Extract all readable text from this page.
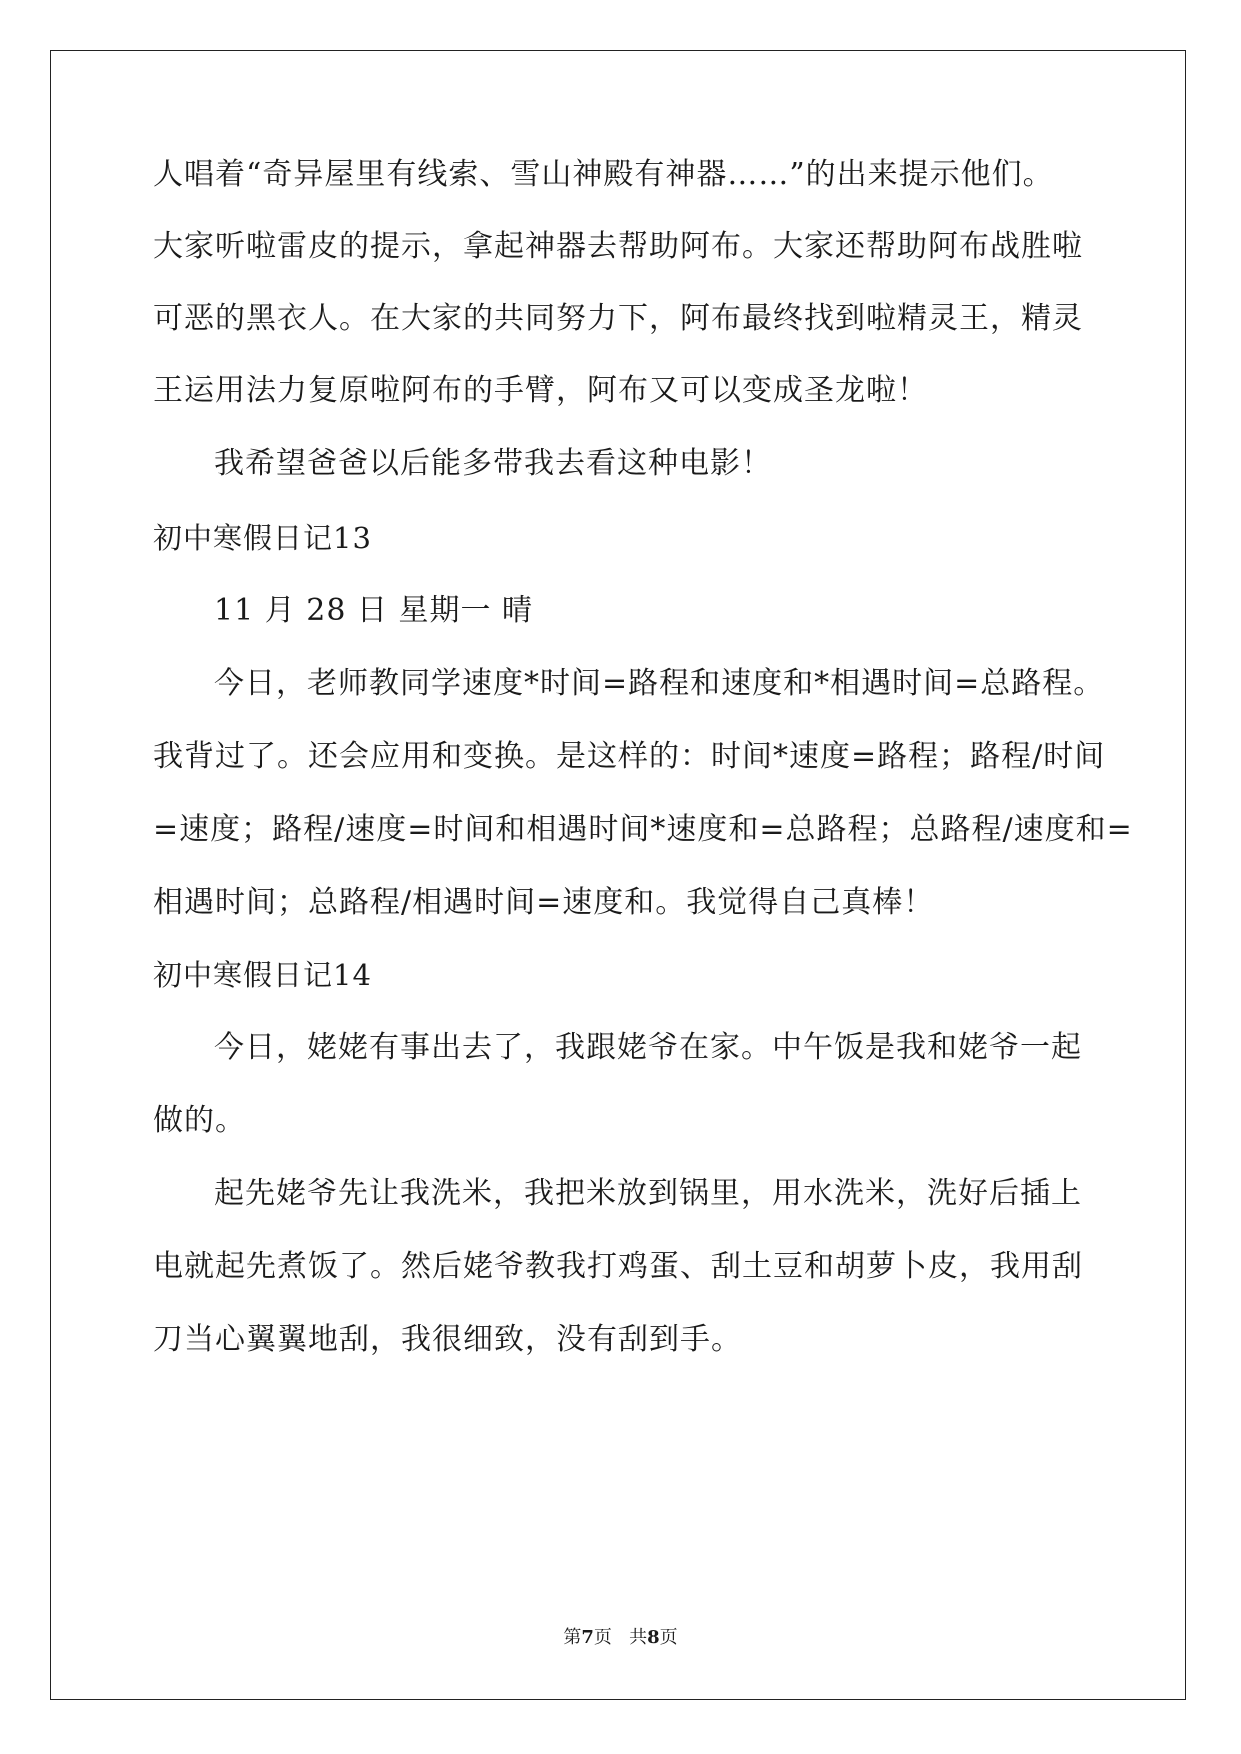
人唱着“奇异屋里有线索、雪山神殿有神器……”的出来提示他们。
大家听啦雷皮的提示，拿起神器去帮助阿布。大家还帮助阿布战胜啦
可恶的黑衣人。在大家的共同努力下，阿布最终找到啦精灵王，精灵
王运用法力复原啦阿布的手臂，阿布又可以变成圣龙啦！
我希望爸爸以后能多带我去看这种电影！
初中寒假日记13
11 月 28 日 星期一 晴
今日，老师教同学速度*时间=路程和速度和*相遇时间=总路程。
我背过了。还会应用和变换。是这样的：时间*速度=路程；路程/时间
=速度；路程/速度=时间和相遇时间*速度和=总路程；总路程/速度和=
相遇时间；总路程/相遇时间=速度和。我觉得自己真棒！
初中寒假日记14
今日，姥姥有事出去了，我跟姥爷在家。中午饭是我和姥爷一起
做的。
起先姥爷先让我洗米，我把米放到锅里，用水洗米，洗好后插上
电就起先煮饭了。然后姥爷教我打鸡蛋、刮土豆和胡萝卜皮，我用刮
刀当心翼翼地刮，我很细致，没有刮到手。
第7页   共8页
